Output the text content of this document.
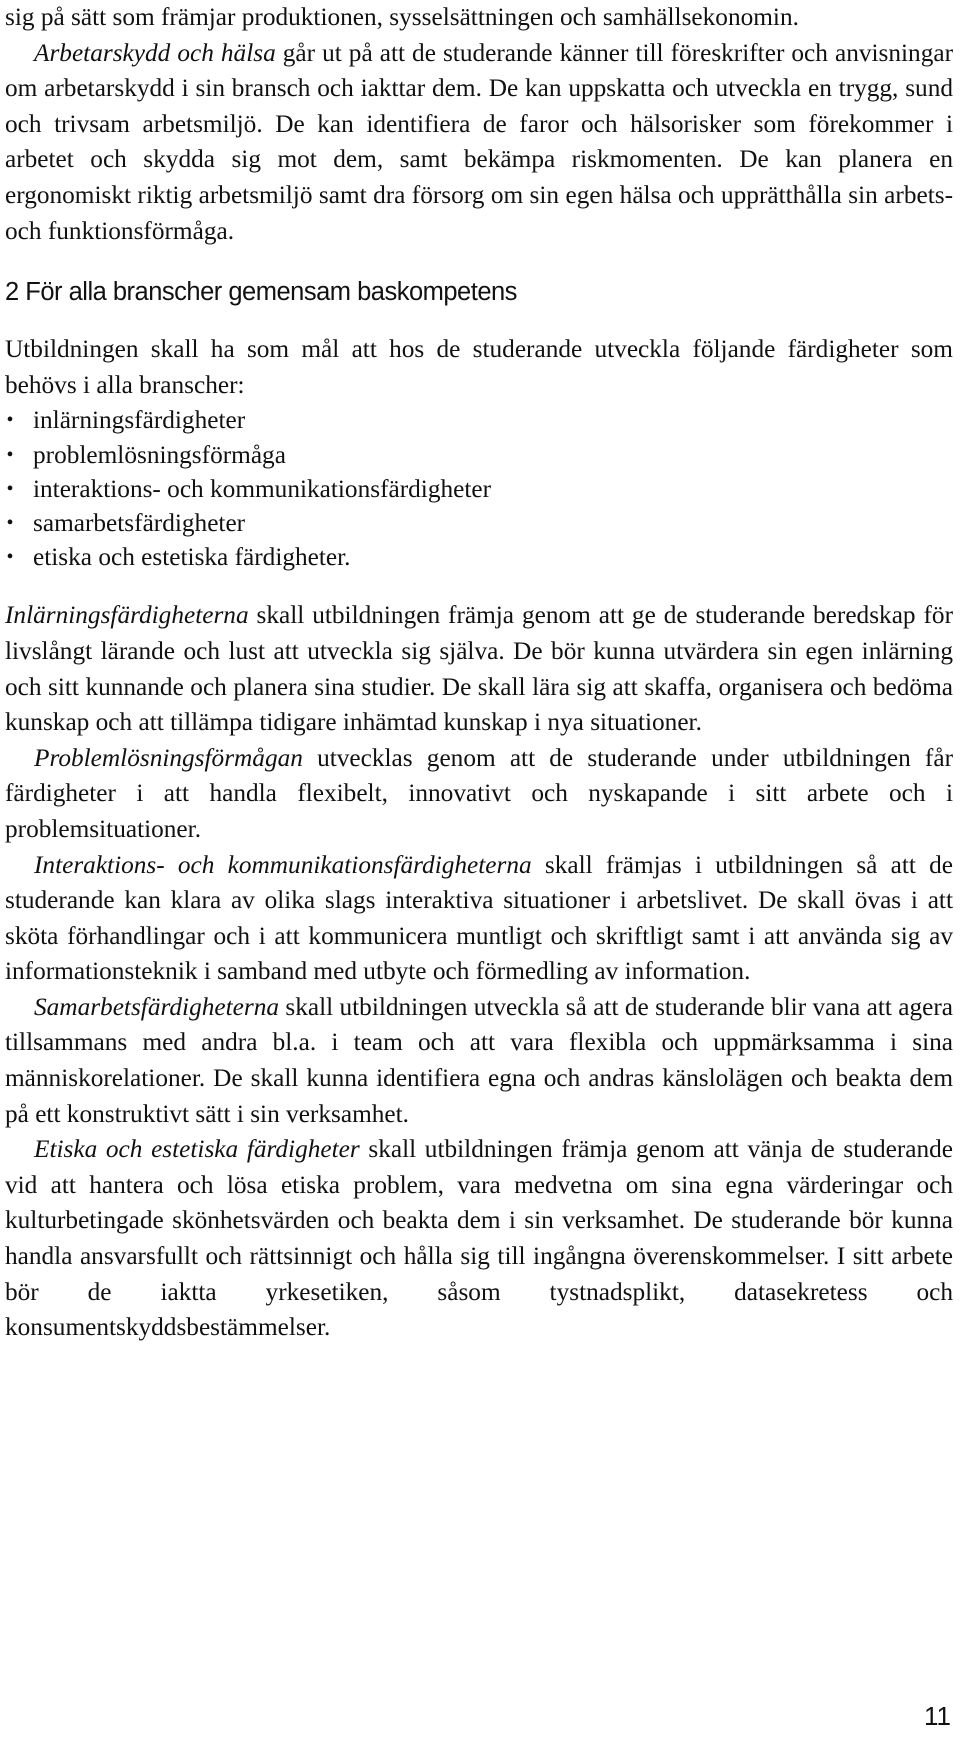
sig på sätt som främjar produktionen, sysselsättningen och samhällsekonomin.

Arbetarskydd och hälsa går ut på att de studerande känner till föreskrifter och anvisningar om arbetarskydd i sin bransch och iakttar dem. De kan uppskatta och utveckla en trygg, sund och trivsam arbetsmiljö. De kan identifiera de faror och hälsorisker som förekommer i arbetet och skydda sig mot dem, samt bekämpa riskmomenten. De kan planera en ergonomiskt riktig arbetsmiljö samt dra försorg om sin egen hälsa och upprätthålla sin arbets- och funktionsförmåga.

2 För alla branscher gemensam baskompetens

Utbildningen skall ha som mål att hos de studerande utveckla följande färdigheter som behövs i alla branscher:

• inlärningsfärdigheter
• problemlösningsförmåga
• interaktions- och kommunikationsfärdigheter
• samarbetsfärdigheter
• etiska och estetiska färdigheter.

Inlärningsfärdigheterna skall utbildningen främja genom att ge de studerande beredskap för livslångt lärande och lust att utveckla sig själva. De bör kunna utvärdera sin egen inlärning och sitt kunnande och planera sina studier. De skall lära sig att skaffa, organisera och bedöma kunskap och att tillämpa tidigare inhämtad kunskap i nya situationer.

Problemlösningsförmågan utvecklas genom att de studerande under utbildningen får färdigheter i att handla flexibelt, innovativt och nyskapande i sitt arbete och i problemsituationer.

Interaktions- och kommunikationsfärdigheterna skall främjas i utbildningen så att de studerande kan klara av olika slags interaktiva situationer i arbetslivet. De skall övas i att sköta förhandlingar och i att kommunicera muntligt och skriftligt samt i att använda sig av informationsteknik i samband med utbyte och förmedling av information.

Samarbetsfärdigheterna skall utbildningen utveckla så att de studerande blir vana att agera tillsammans med andra bl.a. i team och att vara flexibla och uppmärksamma i sina människorelationer. De skall kunna identifiera egna och andras känslolägen och beakta dem på ett konstruktivt sätt i sin verksamhet.

Etiska och estetiska färdigheter skall utbildningen främja genom att vänja de studerande vid att hantera och lösa etiska problem, vara medvetna om sina egna värderingar och kulturbetingade skönhetsvärden och beakta dem i sin verksamhet. De studerande bör kunna handla ansvarsfullt och rättsinnigt och hålla sig till ingångna överenskommelser. I sitt arbete bör de iaktta yrkesetiken, såsom tystnadsplikt, datasekretess och konsumentskyddsbestämmelser.

11
